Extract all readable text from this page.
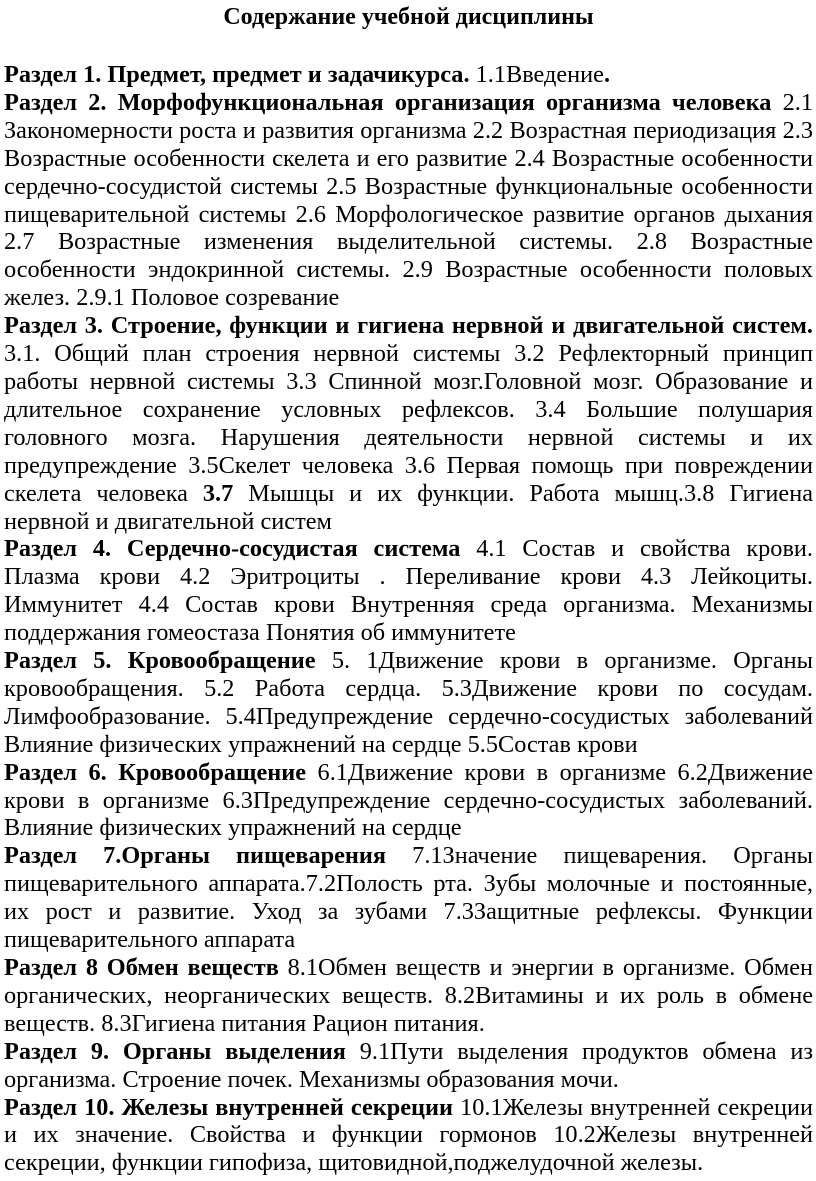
Содержание учебной дисциплины

Раздел 1. Предмет, предмет и задачикурса. 1.1Введение.

Раздел 2. Морфофункциональная организация организма человека 2.1 Закономерности роста и развития организма 2.2 Возрастная периодизация 2.3 Возрастные особенности скелета и его развитие 2.4 Возрастные особенности сердечно-сосудистой системы 2.5 Возрастные функциональные особенности пищеварительной системы 2.6 Морфологическое развитие органов дыхания 2.7 Возрастные изменения выделительной системы. 2.8 Возрастные особенности эндокринной системы. 2.9 Возрастные особенности половых желез. 2.9.1 Половое созревание

Раздел 3. Строение, функции и гигиена нервной и двигательной систем. 3.1. Общий план строения нервной системы 3.2 Рефлекторный принцип работы нервной системы 3.3 Спинной мозг.Головной мозг. Образование и длительное сохранение условных рефлексов. 3.4 Большие полушария головного мозга. Нарушения деятельности нервной системы и их предупреждение 3.5Скелет человека 3.6 Первая помощь при повреждении скелета человека 3.7 Мышцы и их функции. Работа мышц.3.8 Гигиена нервной и двигательной систем

Раздел 4. Сердечно-сосудистая система 4.1 Состав и свойства крови. Плазма крови 4.2 Эритроциты . Переливание крови 4.3 Лейкоциты. Иммунитет 4.4 Состав крови Внутренняя среда организма. Механизмы поддержания гомеостаза Понятия об иммунитете

Раздел 5. Кровообращение 5. 1Движение крови в организме. Органы кровообращения. 5.2 Работа сердца. 5.3Движение крови по сосудам. Лимфообразование. 5.4Предупреждение сердечно-сосудистых заболеваний Влияние физических упражнений на сердце 5.5Состав крови

Раздел 6. Кровообращение 6.1Движение крови в организме 6.2Движение крови в организме 6.3Предупреждение сердечно-сосудистых заболеваний. Влияние физических упражнений на сердце

Раздел 7.Органы пищеварения 7.1Значение пищеварения. Органы пищеварительного аппарата.7.2Полость рта. Зубы молочные и постоянные, их рост и развитие. Уход за зубами 7.3Защитные рефлексы. Функции пищеварительного аппарата

Раздел 8 Обмен веществ 8.1Обмен веществ и энергии в организме. Обмен органических, неорганических веществ. 8.2Витамины и их роль в обмене веществ. 8.3Гигиена питания Рацион питания.

Раздел 9. Органы выделения 9.1Пути выделения продуктов обмена из организма. Строение почек. Механизмы образования мочи.

Раздел 10. Железы внутренней секреции 10.1Железы внутренней секреции и их значение. Свойства и функции гормонов 10.2Железы внутренней секреции, функции гипофиза, щитовидной,поджелудочной железы.
